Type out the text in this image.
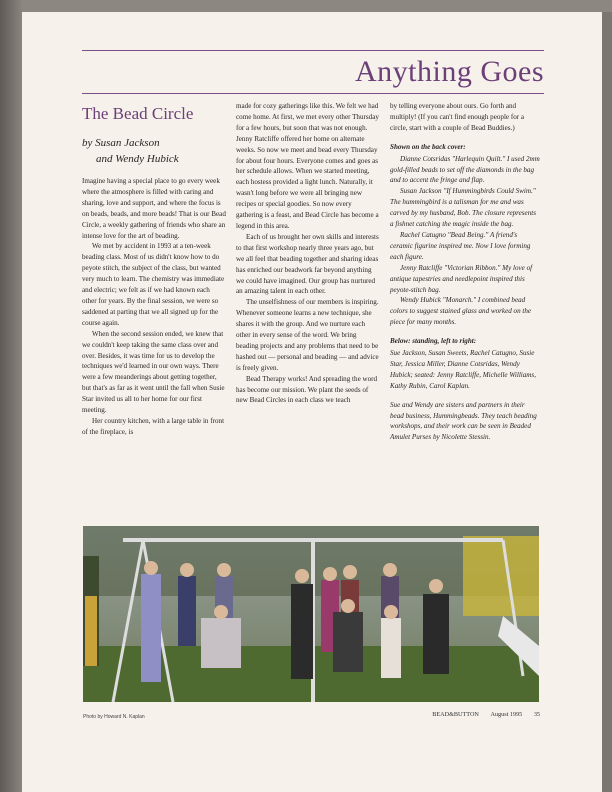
Anything Goes
The Bead Circle
by Susan Jackson
and Wendy Hubick

Imagine having a special place to go every week where the atmosphere is filled with caring and sharing, love and support, and where the focus is on beads, beads, and more beads! That is our Bead Circle, a weekly gathering of friends who share an intense love for the art of beading.

We met by accident in 1993 at a ten-week beading class. Most of us didn't know how to do peyote stitch, the subject of the class, but wanted very much to learn. The chemistry was immediate and electric; we felt as if we had known each other for years. By the final session, we were so saddened at parting that we all signed up for the course again.

When the second session ended, we knew that we couldn't keep taking the same class over and over. Besides, it was time for us to develop the techniques we'd learned in our own ways. There were a few meanderings about getting together, but that's as far as it went until the fall when Susie Star invited us all to her home for our first meeting.

Her country kitchen, with a large table in front of the fireplace, is

made for cozy gatherings like this. We felt we had come home. At first, we met every other Thursday for a few hours, but soon that was not enough. Jenny Ratcliffe offered her home on alternate weeks. So now we meet and bead every Thursday for about four hours. Everyone comes and goes as her schedule allows. When we started meeting, each hostess provided a light lunch. Naturally, it wasn't long before we were all bringing new recipes or special goodies. So now every gathering is a feast, and Bead Circle has become a legend in this area.

Each of us brought her own skills and interests to that first workshop nearly three years ago, but we all feel that beading together and sharing ideas has enriched our beadwork far beyond anything we could have imagined. Our group has nurtured an amazing talent in each other.

The unselfishness of our members is inspiring. Whenever someone learns a new technique, she shares it with the group. And we nurture each other in every sense of the word. We bring beading projects and any problems that need to be hashed out — personal and beading — and advice is freely given.

Bead Therapy works! And spreading the word has become our mission. We plant the seeds of new Bead Circles in each class we teach

by telling everyone about ours. Go forth and multiply! (If you can't find enough people for a circle, start with a couple of Bead Buddies.)

Shown on the back cover:

Dianne Cotsridas "Harlequin Quilt." I used 2mm gold-filled beads to set off the diamonds in the bag and to accent the fringe and flap.

Susan Jackson "If Hummingbirds Could Swim." The hummingbird is a talisman for me and was carved by my husband, Bob. The closure represents a fishnet catching the magic inside the bag.

Rachel Catugno "Bead Being." A friend's ceramic figurine inspired me. Now I love forming each figure.

Jenny Ratcliffe "Victorian Ribbon." My love of antique tapestries and needlepoint inspired this peyote-stitch bag.

Wendy Hubick "Monarch." I combined bead colors to suggest stained glass and worked on the piece for many months.

Below: standing, left to right:

Sue Jackson, Susan Sweets, Rachel Catugno, Susie Star, Jessica Miller, Dianne Cotsridas, Wendy Hubick; seated: Jenny Ratcliffe, Michelle Williams, Kathy Rubin, Carol Kaplan.

Sue and Wendy are sisters and partners in their bead business, Hummingbeads. They teach beading workshops, and their work can be seen in Beaded Amulet Purses by Nicolette Stessin.

Photo by Howard N. Kaplan	BEAD&BUTTON August 1995 35
